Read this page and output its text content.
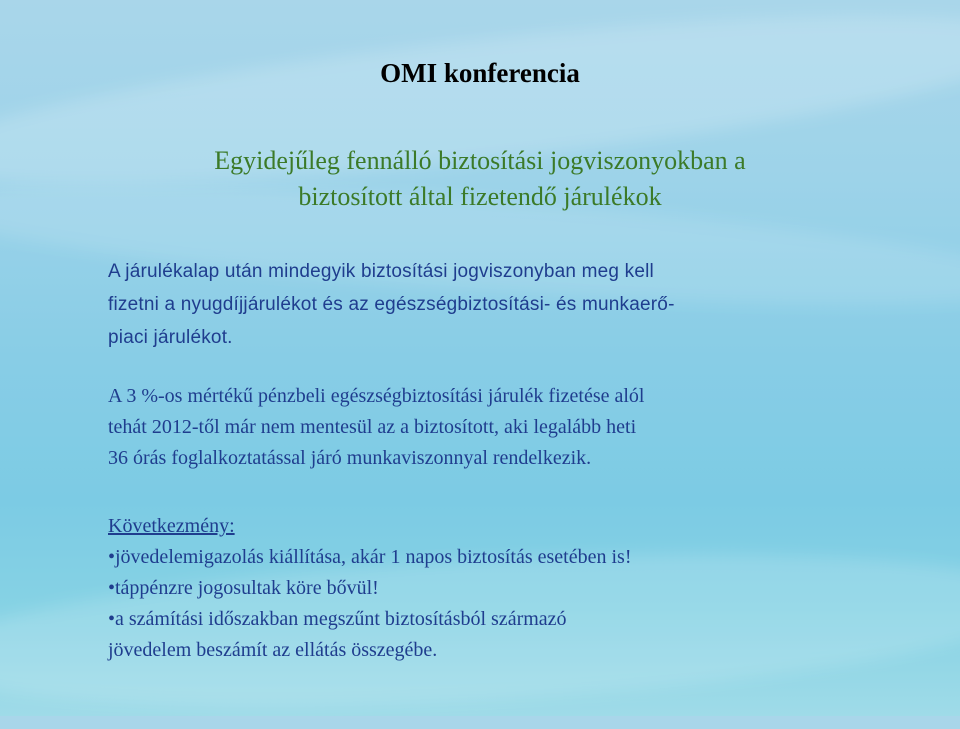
OMI konferencia
Egyidejűleg fennálló biztosítási jogviszonyokban a
biztosított által fizetendő járulékok
A járulékalap után mindegyik biztosítási jogviszonyban meg kell
fizetni a nyugdíjjárulékot és az egészségbiztosítási- és munkaerő-
piaci járulékot.
A 3 %-os mértékű pénzbeli egészségbiztosítási járulék fizetése alól
tehát 2012-től már nem mentesül az a biztosított, aki legalább heti
36 órás foglalkoztatással járó munkaviszonnyal rendelkezik.
Következmény:
•jövedelemigazolás kiállítása, akár 1 napos biztosítás esetében is!
•táppénzre jogosultak köre bővül!
•a számítási időszakban megszűnt biztosításból származó
jövedelem beszámít az ellátás összegébe.
